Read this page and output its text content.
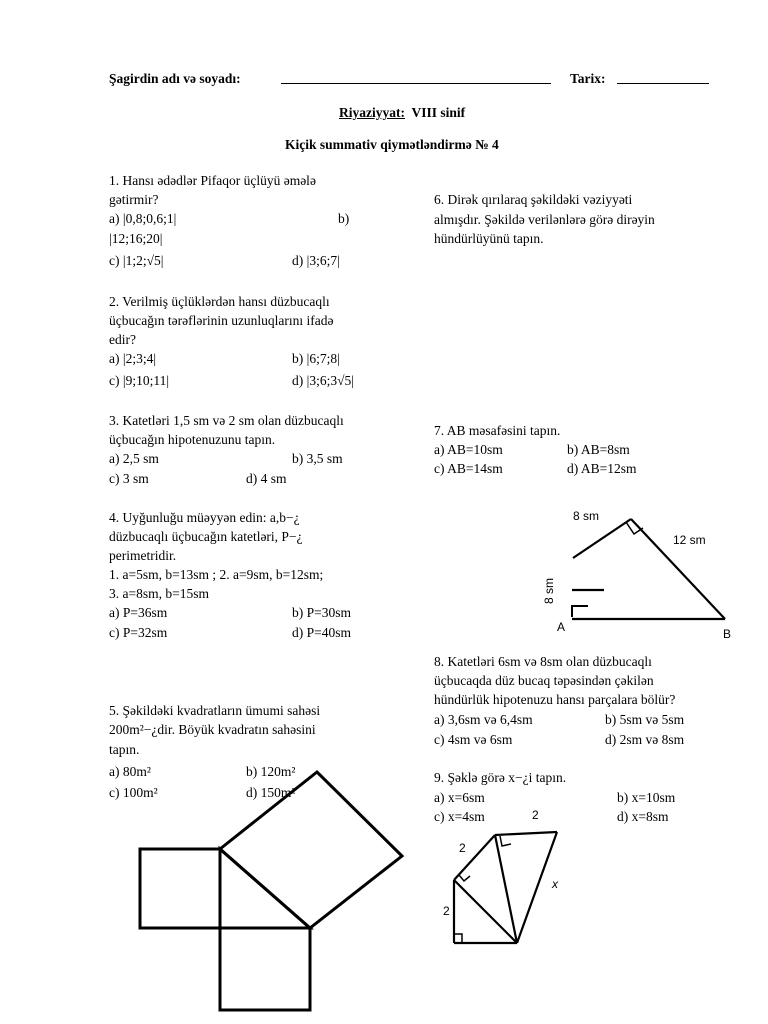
Şagirdin adı və soyadı:	Tarix:
Riyaziyyat: VIII sinif
Kiçik summativ qiymətləndirmə № 4
1. Hansı ədədlər Pifaqor üçlüyü əmələ
gətirmir?
a) |0,8;0,6;1|	b)
|12;16;20|
c) |1;2;√5|	d) |3;6;7|
2. Verilmiş üçlüklərdən hansı düzbucaqlı
üçbucağın tərəflərinin uzunluqlarını ifadə
edir?
a) |2;3;4|	b) |6;7;8|
c) |9;10;11|	d) |3;6;3√5|
3. Katetləri 1,5 sm və 2 sm olan düzbucaqlı
üçbucağın hipotenuzunu tapın.
a) 2,5 sm	b) 3,5 sm
c) 3 sm	d) 4 sm
4. Uyğunluğu müəyyən edin: a,b−¿
düzbucaqlı üçbucağın katetləri, P−¿
perimetridir.
1. a=5sm, b=13sm ; 2. a=9sm, b=12sm;
3. a=8sm, b=15sm
a) P=36sm	b) P=30sm
c) P=32sm	d) P=40sm
5. Şəkildəki kvadratların ümumi sahəsi
200m²−¿dir. Böyük kvadratın sahəsini
tapın.
a) 80m²	b) 120m²
c) 100m²	d) 150m²
6. Dirək qırılaraq şəkildəki vəziyyəti
almışdır. Şəkildə verilənlərə görə dirəyin
hündürlüyünü tapın.
7. AB məsafəsini tapın.
a) AB=10sm	b) AB=8sm
c) AB=14sm	d) AB=12sm
8. Katetləri 6sm və 8sm olan düzbucaqlı
üçbucaqda düz bucaq təpəsindən çəkilən
hündürlük hipotenuzu hansı parçalara bölür?
a) 3,6sm və 6,4sm	b) 5sm və 5sm
c) 4sm və 6sm	d) 2sm və 8sm
9. Şəklə görə x−¿i tapın.
a) x=6sm	b) x=10sm
c) x=4sm	d) x=8sm
8 sm
12 sm
8 sm
A	B
2
2
2
x
